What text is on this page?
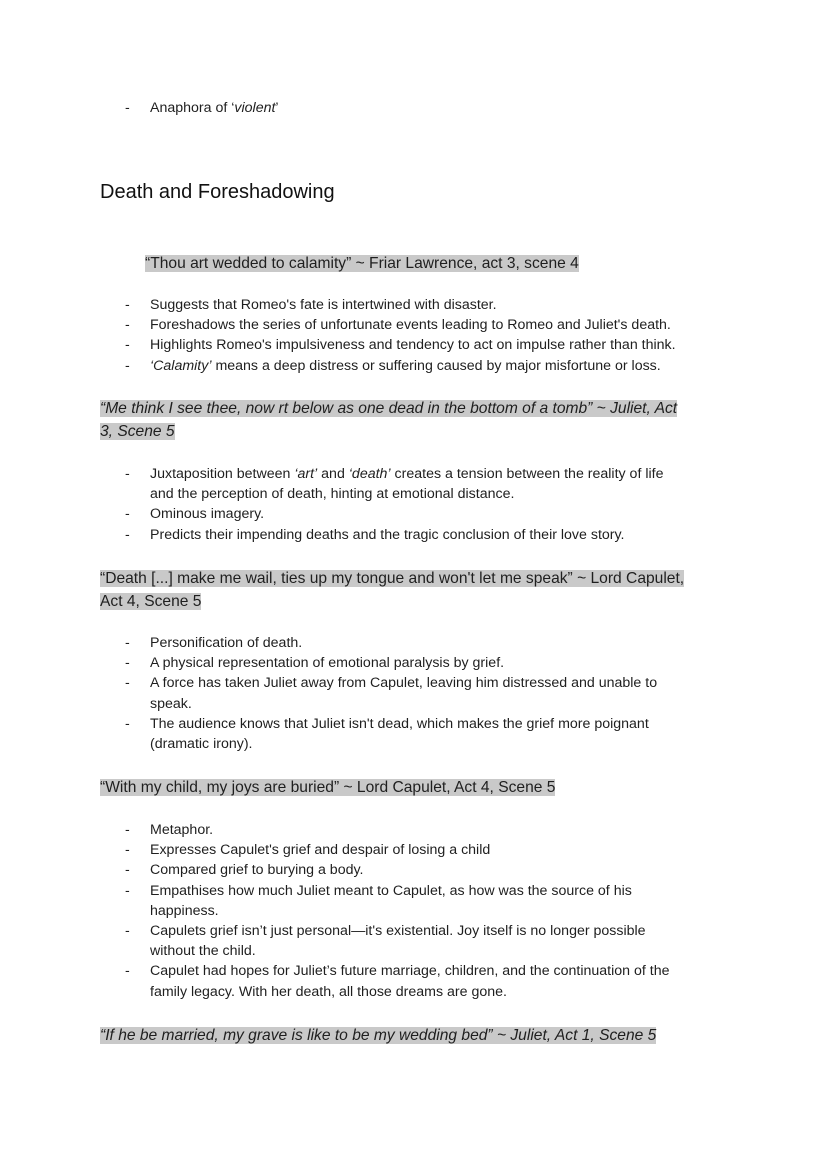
- Anaphora of ‘violent’
Death and Foreshadowing
“Thou art wedded to calamity” ~ Friar Lawrence, act 3, scene 4
- Suggests that Romeo's fate is intertwined with disaster.
- Foreshadows the series of unfortunate events leading to Romeo and Juliet's death.
- Highlights Romeo's impulsiveness and tendency to act on impulse rather than think.
- ‘Calamity’ means a deep distress or suffering caused by major misfortune or loss.
“Me think I see thee, now rt below as one dead in the bottom of a tomb” ~ Juliet, Act
3, Scene 5
- Juxtaposition between ‘art’ and ‘death’ creates a tension between the reality of life
and the perception of death, hinting at emotional distance.
- Ominous imagery.
- Predicts their impending deaths and the tragic conclusion of their love story.
“Death [...] make me wail, ties up my tongue and won't let me speak” ~ Lord Capulet,
Act 4, Scene 5
- Personification of death.
- A physical representation of emotional paralysis by grief.
- A force has taken Juliet away from Capulet, leaving him distressed and unable to
speak.
- The audience knows that Juliet isn't dead, which makes the grief more poignant
(dramatic irony).
“With my child, my joys are buried” ~ Lord Capulet, Act 4, Scene 5
- Metaphor.
- Expresses Capulet's grief and despair of losing a child
- Compared grief to burying a body.
- Empathises how much Juliet meant to Capulet, as how was the source of his
happiness.
- Capulets grief isn’t just personal—it's existential. Joy itself is no longer possible
without the child.
- Capulet had hopes for Juliet’s future marriage, children, and the continuation of the
family legacy. With her death, all those dreams are gone.
“If he be married, my grave is like to be my wedding bed” ~ Juliet, Act 1, Scene 5
